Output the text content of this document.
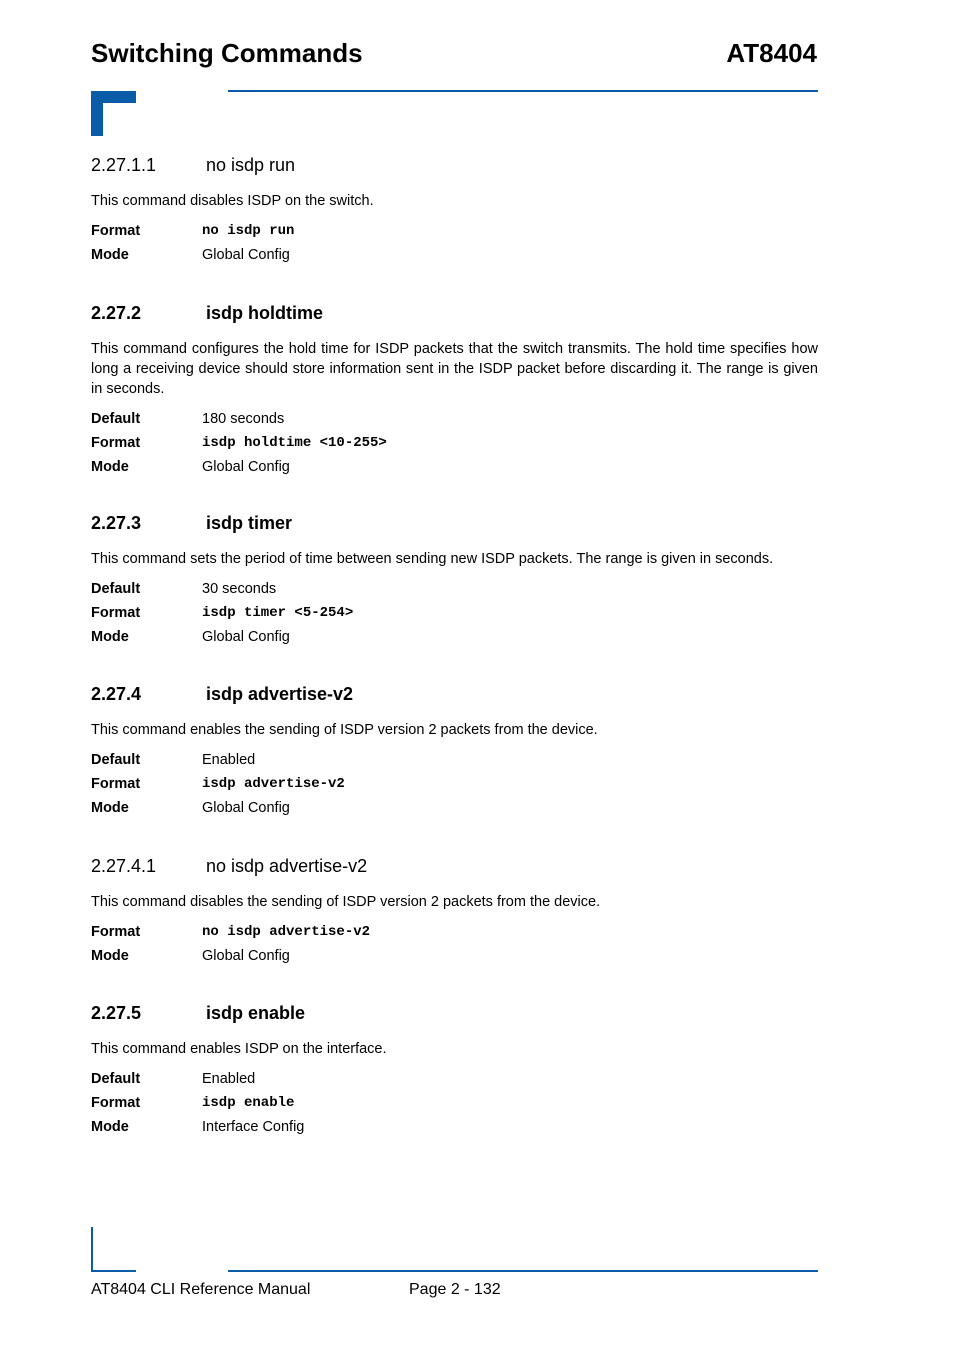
Switching Commands	AT8404
2.27.1.1	no isdp run
This command disables ISDP on the switch.
Format	no isdp run
Mode	Global Config
2.27.2	isdp holdtime
This command configures the hold time for ISDP packets that the switch transmits. The hold time specifies how long a receiving device should store information sent in the ISDP packet before discarding it. The range is given in seconds.
Default	180 seconds
Format	isdp holdtime <10-255>
Mode	Global Config
2.27.3	isdp timer
This command sets the period of time between sending new ISDP packets. The range is given in seconds.
Default	30 seconds
Format	isdp timer <5-254>
Mode	Global Config
2.27.4	isdp advertise-v2
This command enables the sending of ISDP version 2 packets from the device.
Default	Enabled
Format	isdp advertise-v2
Mode	Global Config
2.27.4.1	no isdp advertise-v2
This command disables the sending of ISDP version 2 packets from the device.
Format	no isdp advertise-v2
Mode	Global Config
2.27.5	isdp enable
This command enables ISDP on the interface.
Default	Enabled
Format	isdp enable
Mode	Interface Config
AT8404 CLI Reference Manual	Page 2 - 132
